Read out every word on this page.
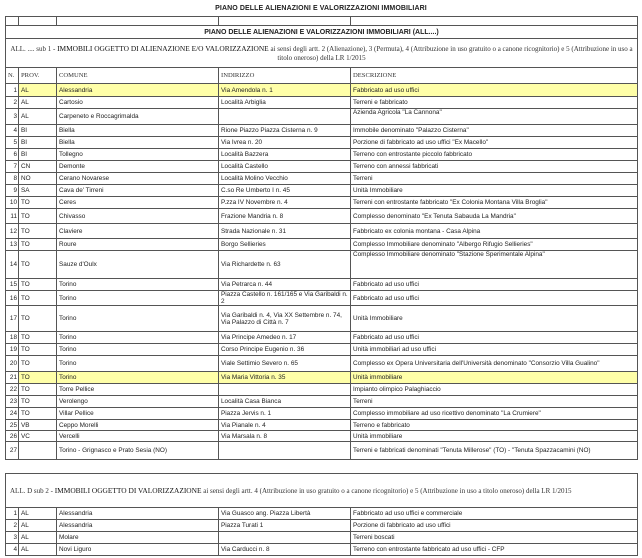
PIANO DELLE ALIENAZIONI E VALORIZZAZIONI IMMOBILIARI

PIANO DELLE ALIENAZIONI E VALORIZZAZIONI IMMOBILIARI (ALL....)				
ALL. .... sub 1 - IMMOBILI OGGETTO DI ALIENAZIONE E/O VALORIZZAZIONE ai sensi degli artt. 2 (Alienazione), 3 (Permuta), 4 (Attribuzione in uso gratuito o a canone ricognitorio) e 5 (Attribuzione in uso a titolo oneroso) della LR 1/2015				
N.	PROV.	COMUNE	INDIRIZZO	DESCRIZIONE
1	AL	Alessandria	Via Amendola n. 1	Fabbricato ad uso uffici
2	AL	Cartosio	Località Arbiglia	Terreni e fabbricato
3	AL	Carpeneto e Roccagrimalda		Azienda Agricola "La Cannona"
4	BI	Biella	Rione Piazzo Piazza Cisterna n. 9	Immobile denominato "Palazzo Cisterna"
5	BI	Biella	Via Ivrea n. 20	Porzione di fabbricato ad uso uffici "Ex Macello"
6	BI	Tollegno	Località Bazzera	Terreno con entrostante piccolo fabbricato
7	CN	Demonte	Località Castello	Terreno con annessi fabbricati
8	NO	Cerano Novarese	Località Molino Vecchio	Terreni
9	SA	Cava de' Tirreni	C.so Re Umberto I n. 45	Unità Immobiliare
10	TO	Ceres	P.zza IV Novembre n. 4	Terreni con entrostante fabbricato "Ex Colonia Montana Villa Broglia"
11	TO	Chivasso	Frazione Mandria n. 8	Complesso denominato "Ex Tenuta Sabauda La Mandria"
12	TO	Claviere	Strada Nazionale n. 31	Fabbricato ex colonia montana - Casa Alpina
13	TO	Roure	Borgo Sellieries	Complesso Immobiliare denominato "Albergo Rifugio Sellieries"
14	TO	Sauze d'Oulx	Via Richardette n. 63	Complesso Immobiliare denominato "Stazione Sperimentale Alpina"
15	TO	Torino	Via Petrarca n. 44	Fabbricato ad uso uffici
16	TO	Torino	Piazza Castello n. 161/165 e Via Garibaldi n. 2	Fabbricato ad uso uffici
17	TO	Torino	Via Garibaldi n. 4, Via XX Settembre n. 74, Via Palazzo di Città n. 7	Unità Immobiliare
18	TO	Torino	Via Principe Amedeo n. 17	Fabbricato ad uso uffici
19	TO	Torino	Corso Principe Eugenio n. 36	Unità immobiliari ad uso uffici
20	TO	Torino	Viale Settimio Severo n. 65	Complesso ex Opera Universitaria dell'Università denominato "Consorzio Villa Gualino"
21	TO	Torino	Via Maria Vittoria n. 35	Unità immobiliare
22	TO	Torre Pellice		Impianto olimpico Palaghiaccio
23	TO	Verolengo	Località Casa Bianca	Terreni
24	TO	Villar Pellice	Piazza Jervis n. 1	Complesso immobiliare ad uso ricettivo denominato "La Crumiere"
25	VB	Ceppo Morelli	Via Pianale n. 4	Terreno e fabbricato
26	VC	Vercelli	Via Marsala n. 8	Unità immobiliare
27		Torino - Grignasco e Prato Sesia (NO)		Terreni e fabbricati denominati "Tenuta Millerose" (TO) - "Tenuta Spazzacamini (NO)
ALL. D sub 2 - IMMOBILI OGGETTO DI VALORIZZAZIONE ai sensi degli artt. 4 (Attribuzione in uso gratuito o a canone ricognitorio) e 5 (Attribuzione in uso a titolo oneroso) della LR 1/2015				
1	AL	Alessandria	Via Guasco ang. Piazza Libertà	Fabbricato ad uso uffici e commerciale
2	AL	Alessandria	Piazza Turati 1	Porzione di fabbricato ad uso uffici
3	AL	Molare		Terreni boscati
4	AL	Novi Liguro	Via Carducci n. 8	Terreno con entrostante fabbricato ad uso uffici - CFP
